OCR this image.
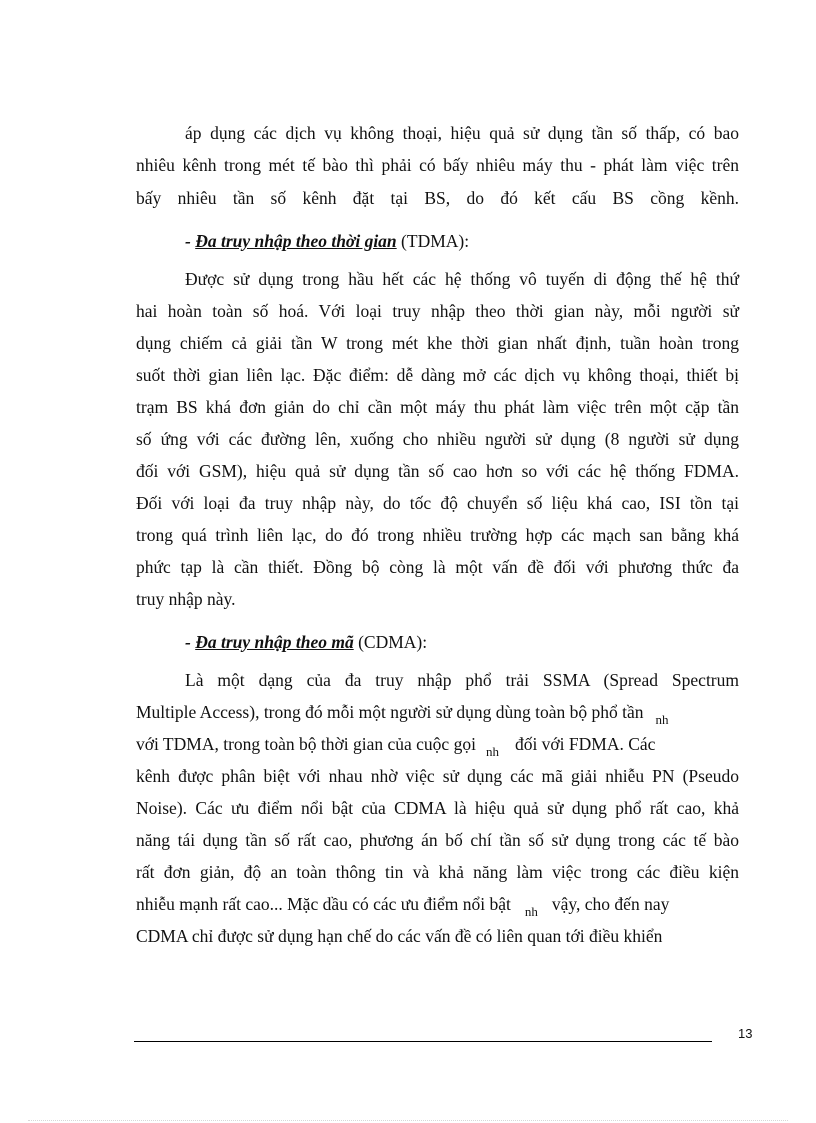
áp dụng các dịch vụ không thoại, hiệu quả sử dụng tần số thấp, có bao
nhiêu kênh trong mét tế bào thì phải có bấy nhiêu máy thu - phát làm việc trên
bấy nhiêu tần số kênh đặt tại BS, do đó kết cấu BS cồng kềnh.
- Đa truy nhập theo thời gian (TDMA):
Được sử dụng trong hầu hết các hệ thống vô tuyến di động thế hệ thứ
hai hoàn toàn số hoá. Với loại truy nhập theo thời gian này, mỗi người sử
dụng chiếm cả giải tần W trong mét khe thời gian nhất định, tuần hoàn trong
suốt thời gian liên lạc. Đặc điểm: dễ dàng mở các dịch vụ không thoại, thiết bị
trạm BS khá đơn giản do chỉ cần một máy thu phát làm việc trên một cặp tần
số ứng với các đường lên, xuống cho nhiều người sử dụng (8 người sử dụng
đối với GSM), hiệu quả sử dụng tần số cao hơn so với các hệ thống FDMA.
Đối với loại đa truy nhập này, do tốc độ chuyển số liệu khá cao, ISI tồn tại
trong quá trình liên lạc, do đó trong nhiều trường hợp các mạch san bằng khá
phức tạp là cần thiết. Đồng bộ còng là một vấn đề đối với phương thức đa
truy nhập này.
- Đa truy nhập theo mã (CDMA):
Là một dạng của đa truy nhập phổ trải SSMA (Spread Spectrum
Multiple Access), trong đó mỗi một người sử dụng dùng toàn bộ phổ tần $_{nh}$
với TDMA, trong toàn bộ thời gian của cuộc gọi $_{nh}$ đối với FDMA. Các
kênh được phân biệt với nhau nhờ việc sử dụng các mã giải nhiễu PN (Pseudo
Noise). Các ưu điểm nổi bật của CDMA là hiệu quả sử dụng phổ rất cao, khả
năng tái dụng tần số rất cao, phương án bố chí tần số sử dụng trong các tế bào
rất đơn giản, độ an toàn thông tin và khả năng làm việc trong các điều kiện
nhiễu mạnh rất cao... Mặc dầu có các ưu điểm nổi bật $_{nh}$ vậy, cho đến nay
CDMA chỉ được sử dụng hạn chế do các vấn đề có liên quan tới điều khiển
13
